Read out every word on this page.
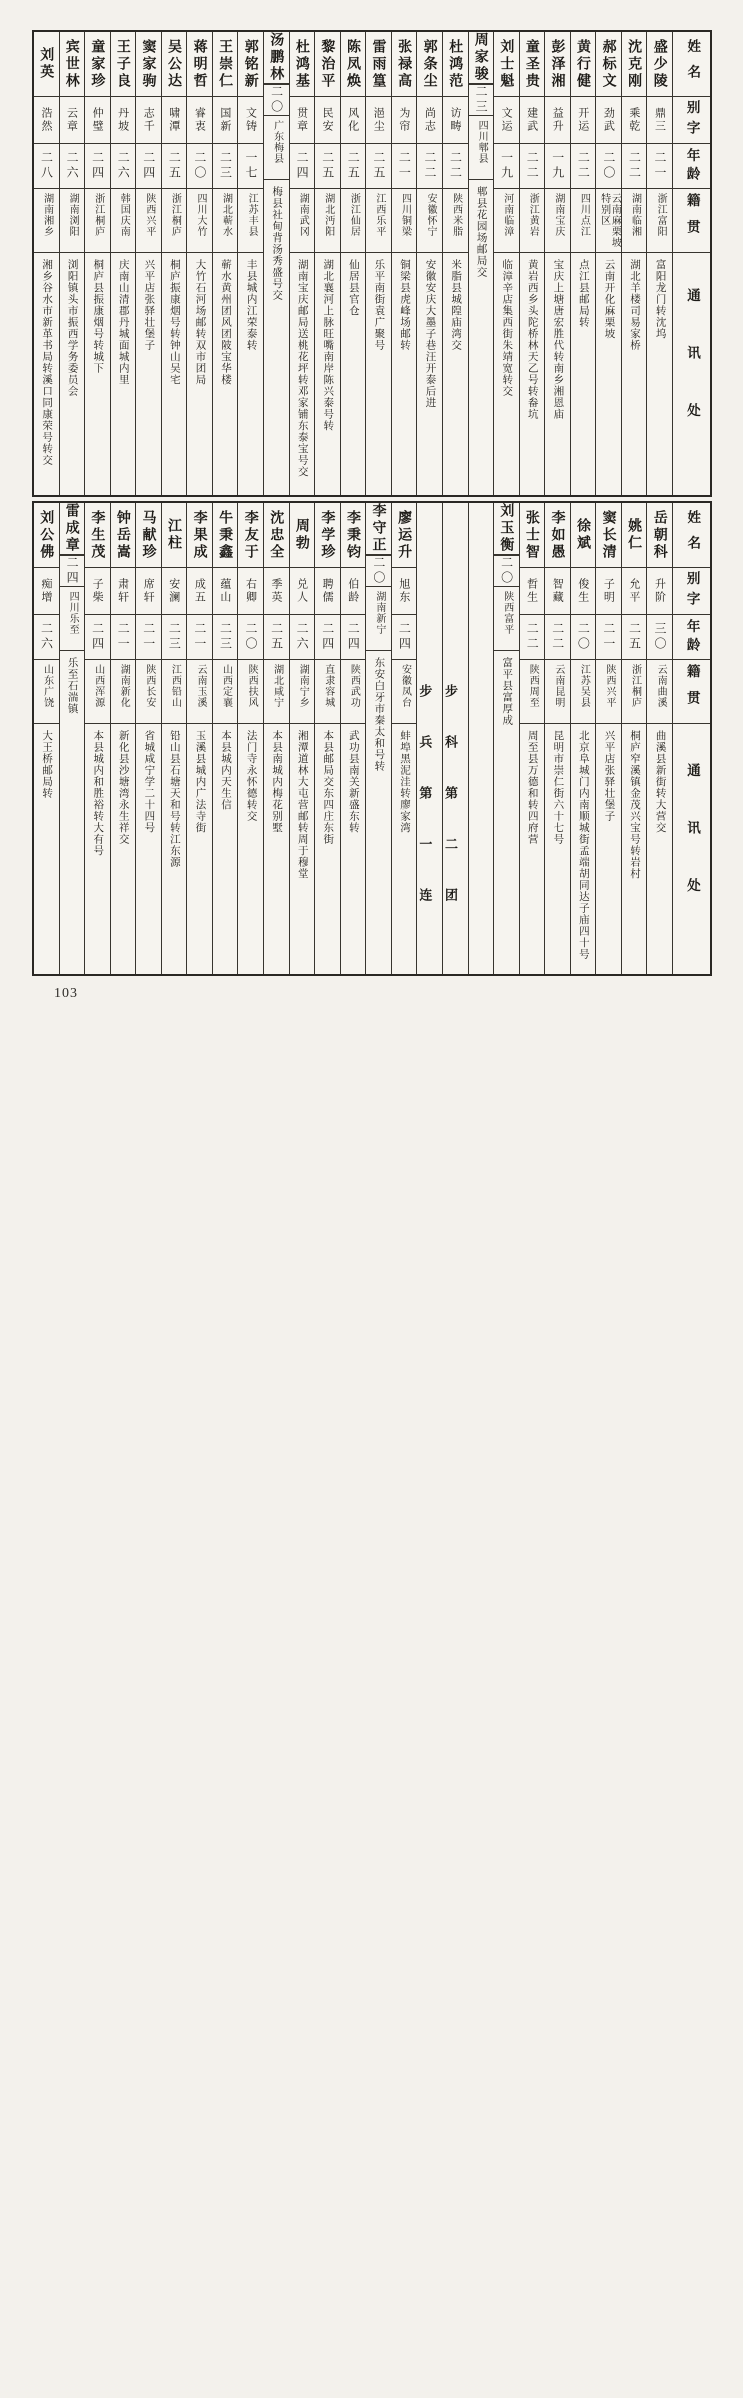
姓名
别字
年龄
籍贯
通讯处
盛少陵
鼎三
二一
浙江富阳
富阳龙门转沈坞
沈克刚
乘乾
二二
湖南临湘
湖北羊楼司易家桥
郝标文
劲武
二〇
云南麻栗坡特别区
云南开化麻栗坡
黄行健
开运
二二
四川点江
点江县邮局转
彭泽湘
益升
一九
湖南宝庆
宝庆上塘唐宏胜代转南乡湘恩庙
童圣贵
建武
二二
浙江黄岩
黄岩西乡头陀桥林天乙号转畚坑
刘士魁
文运
一九
河南临漳
临漳辛店集西街朱靖宽转交
周家骏
二三
四川郫县
郫县花园场邮局交
杜鸿范
访畴
二二
陕西米脂
米脂县城隍庙湾交
郭条尘
尚志
二二
安徽怀宁
安徽安庆大墨子巷汪开泰后进
张禄高
为帘
二一
四川铜梁
铜梁县虎峰场邮转
雷雨篁
浥尘
二五
江西乐平
乐平南街袁广聚号
陈凤焕
风化
二五
浙江仙居
仙居县官仓
黎治平
民安
二五
湖北沔阳
湖北襄河上脉旺嘴南岸陈兴泰号转
杜鸿基
贯章
二四
湖南武冈
湖南宝庆邮局送桃花坪转邓家铺东泰宝号交
汤鹏林
二〇
广东梅县
梅县社甸背汤秀盛号交
郭铭新
文铸
一七
江苏丰县
丰县城内江荣泰转
王崇仁
国新
二三
湖北蕲水
蕲水黄州团风团陂宝华楼
蒋明哲
睿衷
二〇
四川大竹
大竹石河场邮转双市团局
吴公达
啸潭
二五
浙江桐庐
桐庐振康烟号转钟山吴宅
窦家驹
志千
二四
陕西兴平
兴平店张驿壮堡子
王子良
丹坡
二六
韩国庆南
庆南山清郡丹城面城内里
童家珍
仲璧
二四
浙江桐庐
桐庐县振康烟号转城下
宾世林
云章
二六
湖南浏阳
浏阳镇头市振西学务委员会
刘英
浩然
二八
湖南湘乡
湘乡谷水市新革书局转溪口同康荣号转交
姓名
别字
年龄
籍贯
通讯处
岳朝科
升阶
三〇
云南曲溪
曲溪县新街转大营交
姚仁
允平
二五
浙江桐庐
桐庐窄溪镇金茂兴宝号转岩村
窦长清
子明
二一
陕西兴平
兴平店张驿壮堡子
徐斌
俊生
二〇
江苏吴县
北京阜城门内南顺城街孟端胡同达子庙四十号
李如愚
智藏
二二
云南昆明
昆明市崇仁街六十七号
张士智
哲生
二二
陕西周至
周至县万德和转四府营
刘玉衡
二〇
陕西富平
富平县富厚成
步科第二团
步兵第一连
廖运升
旭东
二四
安徽凤台
蚌埠黑泥洼转廖家湾
李守正
二〇
湖南新宁
东安白牙市秦太和号转
李秉钧
伯龄
二四
陕西武功
武功县南关新盛东转
李学珍
聘儒
二四
直隶容城
本县邮局交东四庄东街
周勃
兑人
二六
湖南宁乡
湘潭道林大屯营邮转周于穆堂
沈忠全
季英
二五
湖北咸宁
本县南城内梅花别墅
李友于
右卿
二〇
陕西扶风
法门寺永怀德转交
牛秉鑫
蕴山
二三
山西定襄
本县城内天生信
李果成
成五
二一
云南玉溪
玉溪县城内广法寺街
江柱
安澜
二三
江西铅山
铅山县石塘天和号转江东源
马献珍
席轩
二一
陕西长安
省城咸宁学二十四号
钟岳嵩
肃轩
二一
湖南新化
新化县沙塘湾永生祥交
李生茂
子柴
二四
山西浑源
本县城内和胜裕转大有号
雷成章
二四
四川乐至
乐至石湍镇
刘公佛
痴增
二六
山东广饶
大王桥邮局转
103
